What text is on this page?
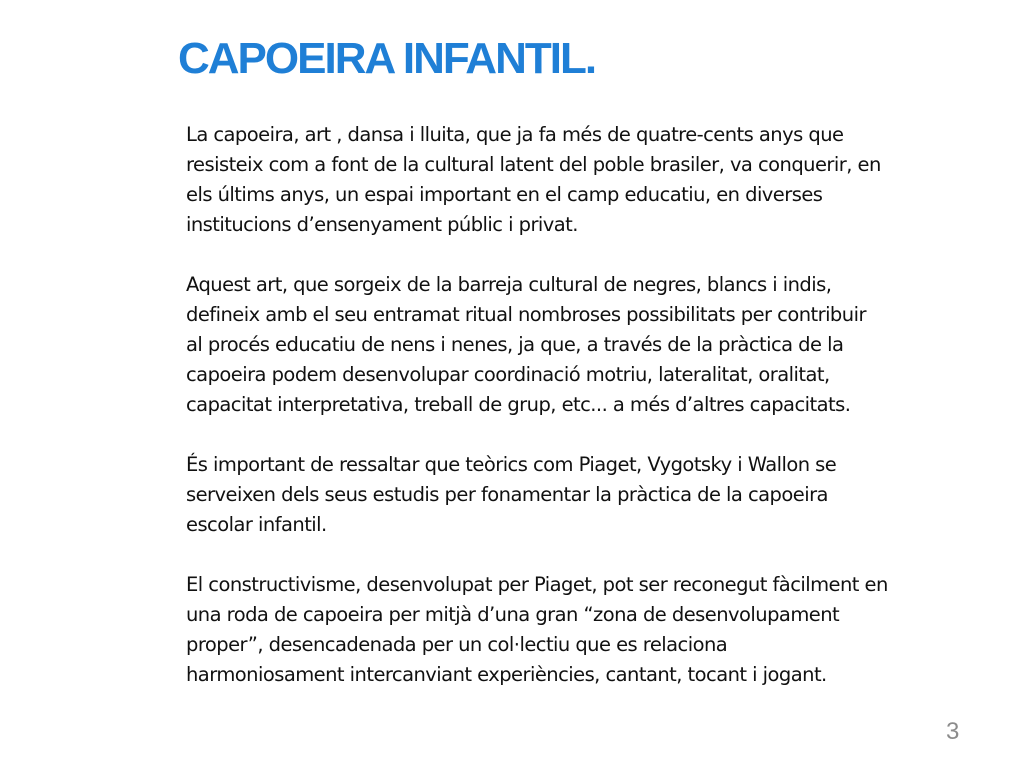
CAPOEIRA INFANTIL.

La capoeira, art , dansa i lluita, que ja fa més de quatre-cents anys que
resisteix com a font de la cultural latent del poble brasiler, va conquerir, en
els últims anys, un espai important en el camp educatiu, en diverses
institucions d’ensenyament públic i privat.

Aquest art, que sorgeix de la barreja cultural de negres, blancs i indis,
defineix amb el seu entramat ritual nombroses possibilitats per contribuir
al procés educatiu de nens i nenes, ja que, a través de la pràctica de la
capoeira podem desenvolupar coordinació motriu, lateralitat, oralitat,
capacitat interpretativa, treball de grup, etc... a més d’altres capacitats.

És important de ressaltar que teòrics com Piaget, Vygotsky i Wallon se
serveixen dels seus estudis per fonamentar la pràctica de la capoeira
escolar infantil.

El constructivisme, desenvolupat per Piaget, pot ser reconegut fàcilment en
una roda de capoeira per mitjà d’una gran “zona de desenvolupament
proper”, desencadenada per un col·lectiu que es relaciona
harmoniosament intercanviant experiències, cantant, tocant i jogant.

3
